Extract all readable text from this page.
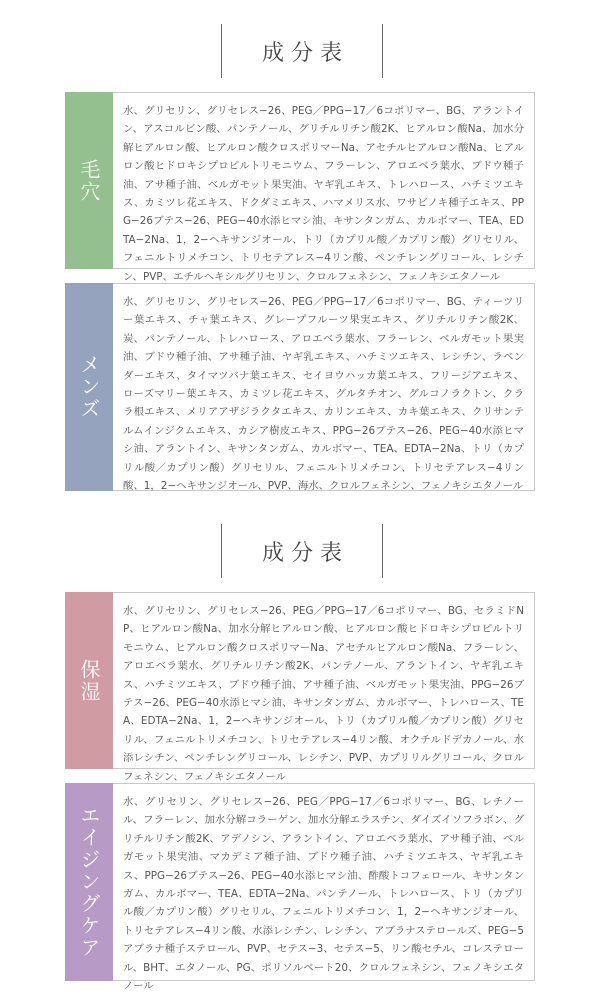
成分表
毛穴
水、グリセリン、グリセレス−26、PEG／PPG−17／6コポリマー、BG、アラントイン、アスコルビン酸、パンテノール、グリチルリチン酸2K、ヒアルロン酸Na、加水分解ヒアルロン酸、ヒアルロン酸クロスポリマーNa、アセチルヒアルロン酸Na、ヒアルロン酸ヒドロキシプロピルトリモニウム、フラーレン、アロエベラ葉水、ブドウ種子油、アサ種子油、ベルガモット果実油、ヤギ乳エキス、トレハロース、ハチミツエキス、カミツレ花エキス、ドクダミエキス、ハマメリス水、ワサビノキ種子エキス、PPG−26ブテス−26、PEG−40水添ヒマシ油、キサンタンガム、カルボマー、TEA、EDTA−2Na、1，2−ヘキサンジオール、トリ（カプリル酸／カプリン酸）グリセリル、フェニルトリメチコン、トリセテアレス−4リン酸、ペンチレングリコール、レシチン、PVP、エチルヘキシルグリセリン、クロルフェネシン、フェノキシエタノール
メンズ
水、グリセリン、グリセレス−26、PEG／PPG−17／6コポリマー、BG、ティーツリー葉エキス、チャ葉エキス、グレープフルーツ果実エキス、グリチルリチン酸2K、炭、パンテノール、トレハロース、アロエベラ葉水、フラーレン、ベルガモット果実油、ブドウ種子油、アサ種子油、ヤギ乳エキス、ハチミツエキス、レシチン、ラベンダーエキス、タイマツバナ葉エキス、セイヨウハッカ葉エキス、フリージアエキス、ローズマリー葉エキス、カミツレ花エキス、グルタチオン、グルコノラクトン、クララ根エキス、メリアアザジラクタエキス、カリンエキス、カキ葉エキス、クリサンテルムインジクムエキス、カシア樹皮エキス、PPG−26ブテス−26、PEG−40水添ヒマシ油、アラントイン、キサンタンガム、カルボマー、TEA、EDTA−2Na、トリ（カプリル酸／カプリン酸）グリセリル、フェニルトリメチコン、トリセテアレス−4リン酸、1，2−ヘキサンジオール、PVP、海水、クロルフェネシン、フェノキシエタノール
成分表
保湿
水、グリセリン、グリセレス−26、PEG／PPG−17／6コポリマー、BG、セラミドNP、ヒアルロン酸Na、加水分解ヒアルロン酸、ヒアルロン酸ヒドロキシプロピルトリモニウム、ヒアルロン酸クロスポリマーNa、アセチルヒアルロン酸Na、フラーレン、アロエベラ葉水、グリチルリチン酸2K、パンテノール、アラントイン、ヤギ乳エキス、ハチミツエキス、ブドウ種子油、アサ種子油、ベルガモット果実油、PPG−26ブテス−26、PEG−40水添ヒマシ油、キサンタンガム、カルボマー、トレハロース、TEA、EDTA−2Na、1，2−ヘキサンジオール、トリ（カプリル酸／カプリン酸）グリセリル、フェニルトリメチコン、トリセテアレス−4リン酸、オクチルドデカノール、水添レシチン、ペンチレングリコール、レシチン、PVP、カプリリルグリコール、クロルフェネシン、フェノキシエタノール
エイジングケア
水、グリセリン、グリセレス−26、PEG／PPG−17／6コポリマー、BG、レチノール、フラーレン、加水分解コラーゲン、加水分解エラスチン、ダイズイソフラボン、グリチルリチン酸2K、アデノシン、アラントイン、アロエベラ葉水、アサ種子油、ベルガモット果実油、マカデミア種子油、ブドウ種子油、ハチミツエキス、ヤギ乳エキス、PPG−26ブテス−26、PEG−40水添ヒマシ油、酢酸トコフェロール、キサンタンガム、カルボマー、TEA、EDTA−2Na、パンテノール、トレハロース、トリ（カプリル酸／カプリン酸）グリセリル、フェニルトリメチコン、1，2−ヘキサンジオール、トリセテアレス−4リン酸、水添レシチン、レシチン、アブラナステロールズ、PEG−5アブラナ種子ステロール、PVP、セテス−3、セテス−5、リン酸セチル、コレステロール、BHT、エタノール、PG、ポリソルベート20、クロルフェネシン、フェノキシエタノール
